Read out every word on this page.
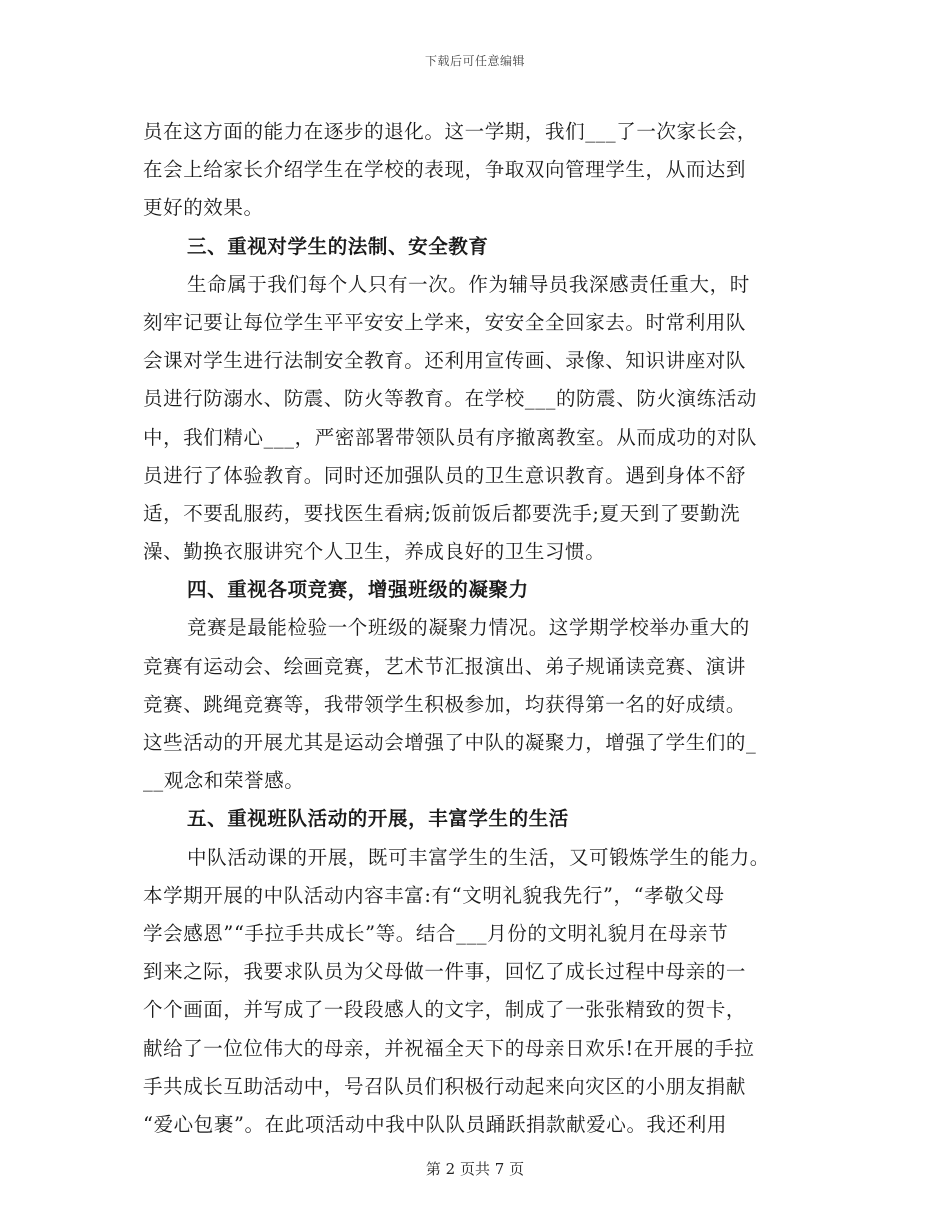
下载后可任意编辑
员在这方面的能力在逐步的退化。这一学期，我们___了一次家长会，
在会上给家长介绍学生在学校的表现，争取双向管理学生，从而达到
更好的效果。
三、重视对学生的法制、安全教育
生命属于我们每个人只有一次。作为辅导员我深感责任重大，时
刻牢记要让每位学生平平安安上学来，安安全全回家去。时常利用队
会课对学生进行法制安全教育。还利用宣传画、录像、知识讲座对队
员进行防溺水、防震、防火等教育。在学校___的防震、防火演练活动
中，我们精心___，严密部署带领队员有序撤离教室。从而成功的对队
员进行了体验教育。同时还加强队员的卫生意识教育。遇到身体不舒
适，不要乱服药，要找医生看病;饭前饭后都要洗手;夏天到了要勤洗
澡、勤换衣服讲究个人卫生，养成良好的卫生习惯。
四、重视各项竞赛，增强班级的凝聚力
竞赛是最能检验一个班级的凝聚力情况。这学期学校举办重大的
竞赛有运动会、绘画竞赛，艺术节汇报演出、弟子规诵读竞赛、演讲
竞赛、跳绳竞赛等，我带领学生积极参加，均获得第一名的好成绩。
这些活动的开展尤其是运动会增强了中队的凝聚力，增强了学生们的_
__观念和荣誉感。
五、重视班队活动的开展，丰富学生的生活
中队活动课的开展，既可丰富学生的生活，又可锻炼学生的能力。
本学期开展的中队活动内容丰富:有“文明礼貌我先行”，“孝敬父母
学会感恩”“手拉手共成长”等。结合___月份的文明礼貌月在母亲节
到来之际，我要求队员为父母做一件事，回忆了成长过程中母亲的一
个个画面，并写成了一段段感人的文字，制成了一张张精致的贺卡，
献给了一位位伟大的母亲，并祝福全天下的母亲日欢乐!在开展的手拉
手共成长互助活动中，号召队员们积极行动起来向灾区的小朋友捐献
“爱心包裹”。在此项活动中我中队队员踊跃捐款献爱心。我还利用
第 2 页共 7 页
